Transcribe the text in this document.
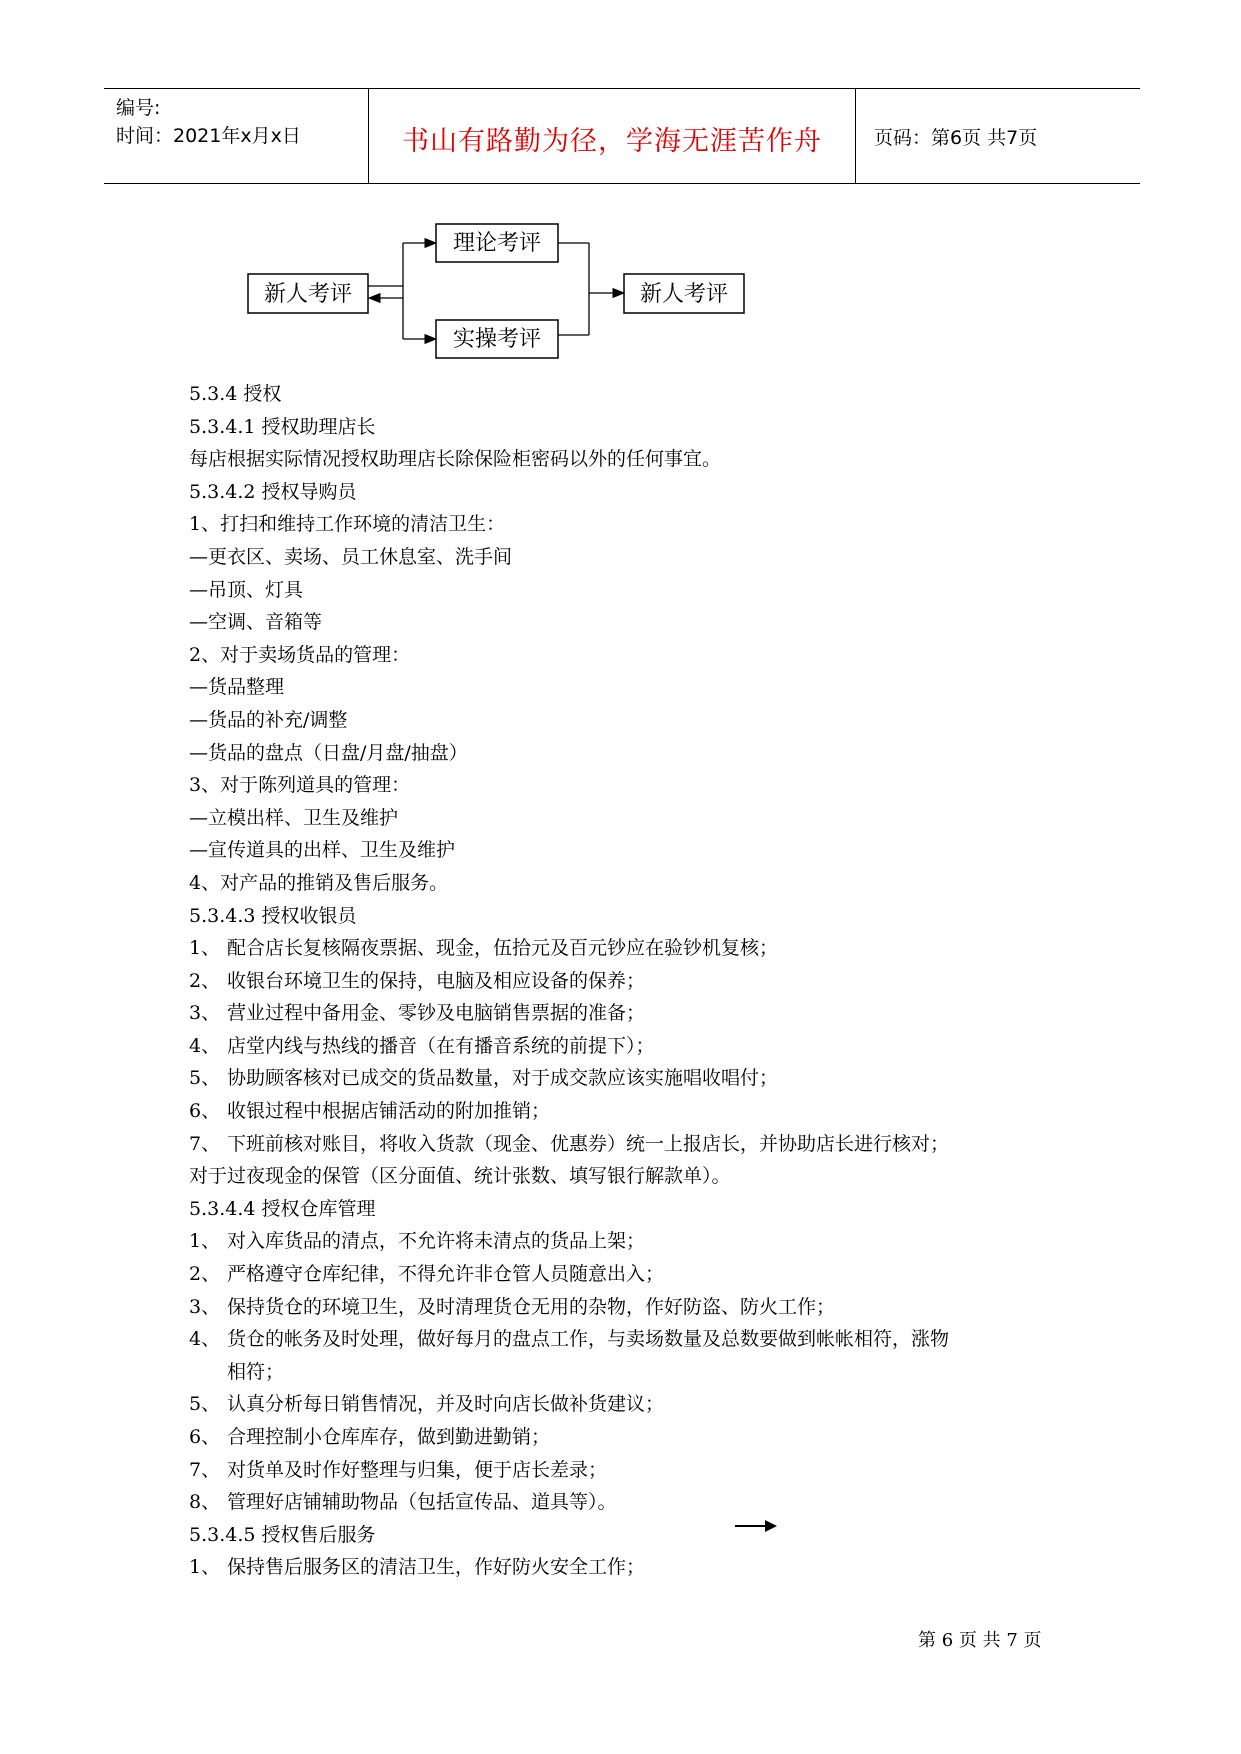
编号:
时间：2021年x月x日	书山有路勤为径，学海无涯苦作舟	页码：第6页 共7页
新人考评
理论考评
实操考评
新人考评
5.3.4 授权
5.3.4.1 授权助理店长
每店根据实际情况授权助理店长除保险柜密码以外的任何事宜。
5.3.4.2 授权导购员
1、打扫和维持工作环境的清洁卫生：
—更衣区、卖场、员工休息室、洗手间
—吊顶、灯具
—空调、音箱等
2、对于卖场货品的管理：
—货品整理
—货品的补充/调整
—货品的盘点（日盘/月盘/抽盘）
3、对于陈列道具的管理：
—立模出样、卫生及维护
—宣传道具的出样、卫生及维护
4、对产品的推销及售后服务。
5.3.4.3 授权收银员
1、 配合店长复核隔夜票据、现金，伍拾元及百元钞应在验钞机复核；
2、 收银台环境卫生的保持，电脑及相应设备的保养；
3、 营业过程中备用金、零钞及电脑销售票据的准备；
4、 店堂内线与热线的播音（在有播音系统的前提下）；
5、 协助顾客核对已成交的货品数量，对于成交款应该实施唱收唱付；
6、 收银过程中根据店铺活动的附加推销；
7、 下班前核对账目，将收入货款（现金、优惠券）统一上报店长，并协助店长进行核对；
对于过夜现金的保管（区分面值、统计张数、填写银行解款单）。
5.3.4.4 授权仓库管理
1、 对入库货品的清点，不允许将未清点的货品上架；
2、 严格遵守仓库纪律，不得允许非仓管人员随意出入；
3、 保持货仓的环境卫生，及时清理货仓无用的杂物，作好防盗、防火工作；
4、 货仓的帐务及时处理，做好每月的盘点工作，与卖场数量及总数要做到帐帐相符，涨物
相符；
5、 认真分析每日销售情况，并及时向店长做补货建议；
6、 合理控制小仓库库存，做到勤进勤销；
7、 对货单及时作好整理与归集，便于店长差录；
8、 管理好店铺辅助物品（包括宣传品、道具等）。
5.3.4.5 授权售后服务
1、 保持售后服务区的清洁卫生，作好防火安全工作；
第 6 页 共 7 页
